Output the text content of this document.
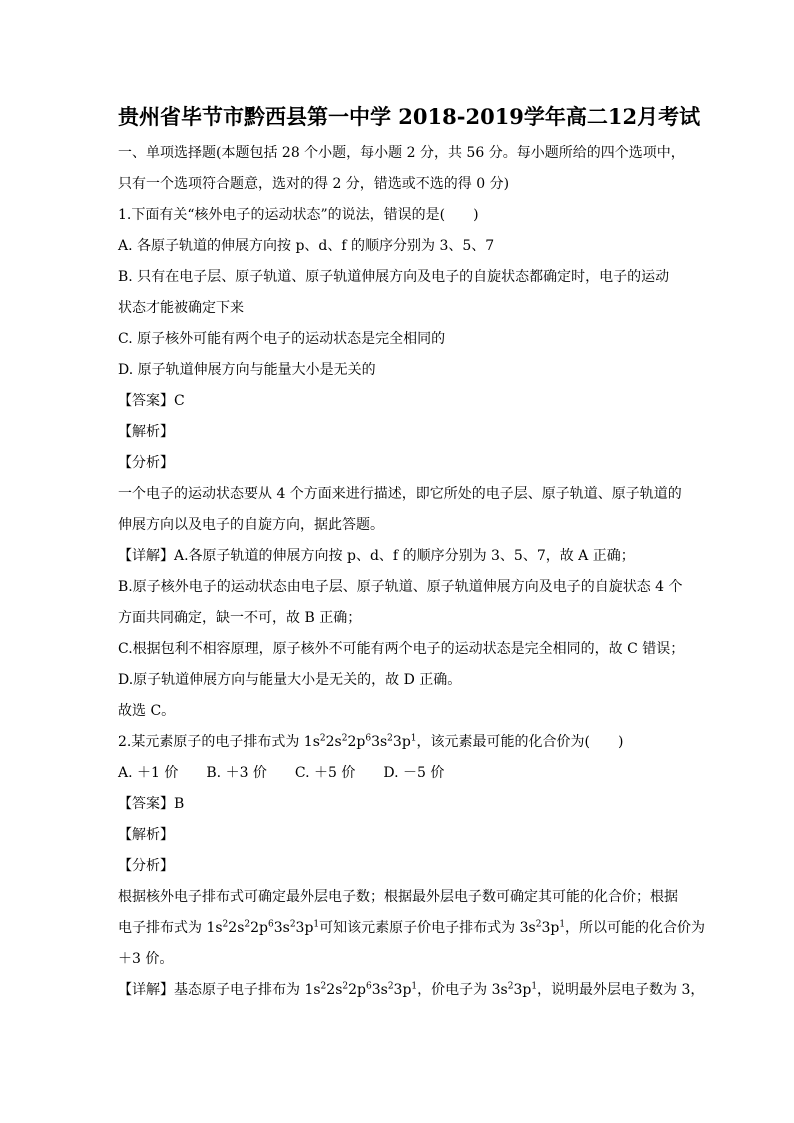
贵州省毕节市黔西县第一中学 2018-2019学年高二12月考试

一、单项选择题(本题包括 28 个小题，每小题 2 分，共 56 分。每小题所给的四个选项中，

只有一个选项符合题意，选对的得 2 分，错选或不选的得 0 分)

1.下面有关“核外电子的运动状态”的说法，错误的是(　　)

A. 各原子轨道的伸展方向按 p、d、f 的顺序分别为 3、5、7

B. 只有在电子层、原子轨道、原子轨道伸展方向及电子的自旋状态都确定时，电子的运动

状态才能被确定下来

C. 原子核外可能有两个电子的运动状态是完全相同的

D. 原子轨道伸展方向与能量大小是无关的

【答案】C

【解析】

【分析】

一个电子的运动状态要从 4 个方面来进行描述，即它所处的电子层、原子轨道、原子轨道的

伸展方向以及电子的自旋方向，据此答题。

【详解】A.各原子轨道的伸展方向按 p、d、f 的顺序分别为 3、5、7，故 A 正确；

B.原子核外电子的运动状态由电子层、原子轨道、原子轨道伸展方向及电子的自旋状态 4 个

方面共同确定，缺一不可，故 B 正确；

C.根据包利不相容原理，原子核外不可能有两个电子的运动状态是完全相同的，故 C 错误；

D.原子轨道伸展方向与能量大小是无关的，故 D 正确。

故选 C。

2.某元素原子的电子排布式为 $1s^22s^22p^63s^23p^1$，该元素最可能的化合价为(　　)

A. ＋1 价 B. ＋3 价 C. ＋5 价 D. －5 价

【答案】B

【解析】

【分析】

根据核外电子排布式可确定最外层电子数；根据最外层电子数可确定其可能的化合价；根据

电子排布式为 $1s^22s^22p^63s^23p^1$可知该元素原子价电子排布式为 $3s^23p^1$，所以可能的化合价为

＋3 价。

【详解】基态原子电子排布为 $1s^22s^22p^63s^23p^1$，价电子为 $3s^23p^1$，说明最外层电子数为 3，
